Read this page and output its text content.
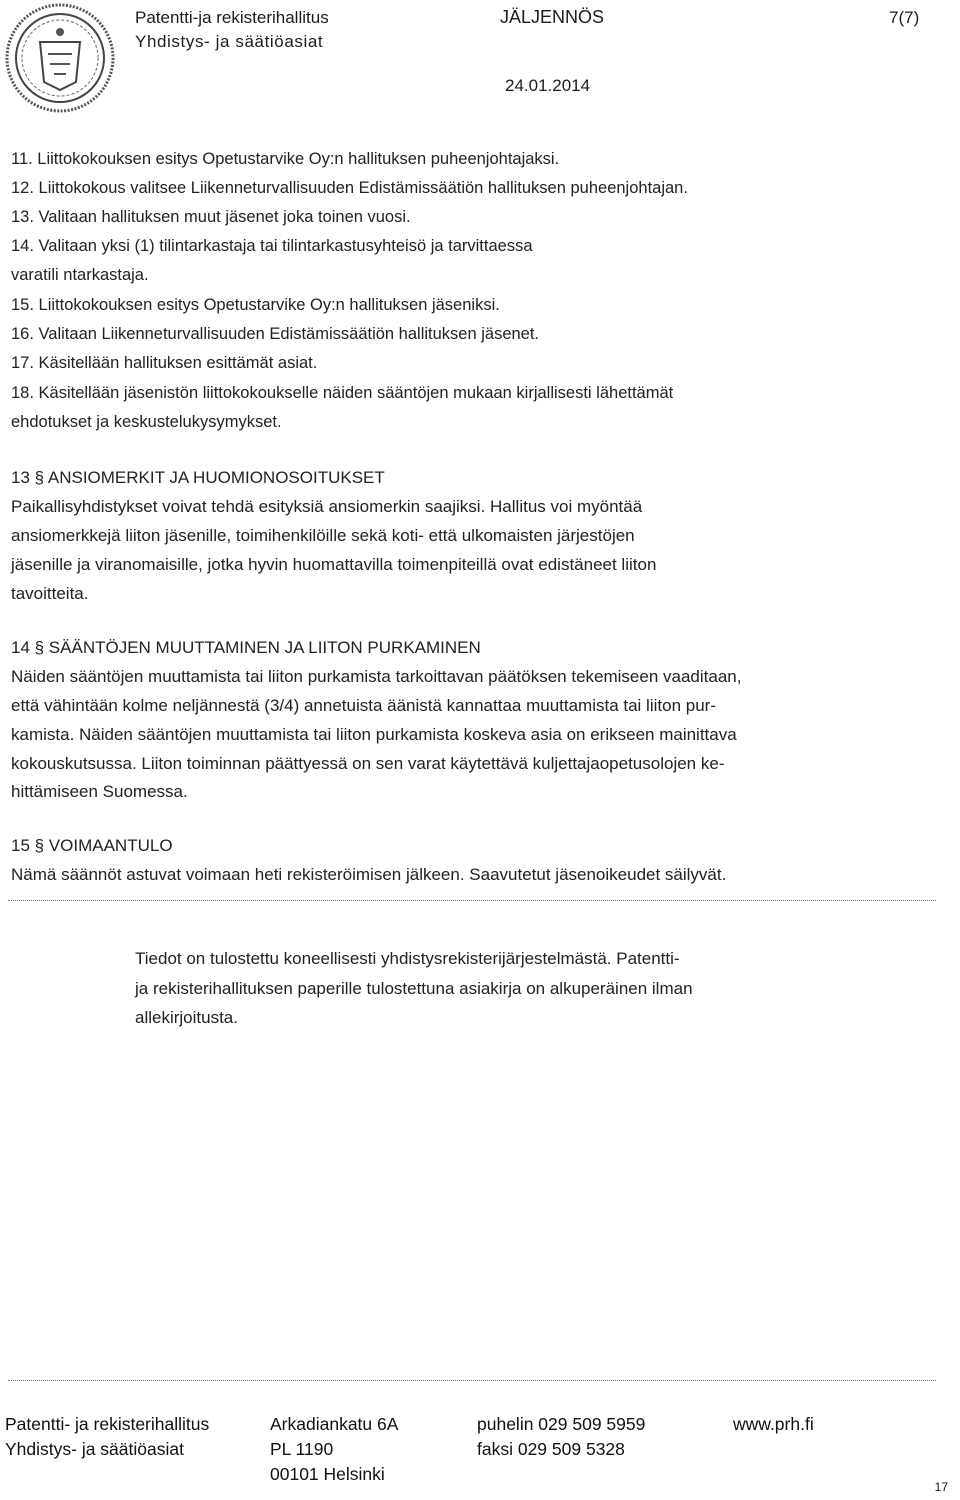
Patentti-ja rekisterihallitus
Yhdistys- ja säätiöasiat
JÄLJENNÖS
24.01.2014
7(7)
11. Liittokokouksen esitys Opetustarvike Oy:n hallituksen puheenjohtajaksi.
12. Liittokokous valitsee Liikenneturvallisuuden Edistämissäätiön hallituksen puheenjohtajan.
13. Valitaan hallituksen muut jäsenet joka toinen vuosi.
14. Valitaan yksi (1) tilintarkastaja tai tilintarkastusyhteisö ja tarvittaessa
varatili ntarkastaja.
15. Liittokokouksen esitys Opetustarvike Oy:n hallituksen jäseniksi.
16. Valitaan Liikenneturvallisuuden Edistämissäätiön hallituksen jäsenet.
17. Käsitellään hallituksen esittämät asiat.
18. Käsitellään jäsenistön liittokokoukselle näiden sääntöjen mukaan kirjallisesti lähettämät
ehdotukset ja keskustelukysymykset.
13 § ANSIOMERKIT JA HUOMIONOSOITUKSET
Paikallisyhdistykset voivat tehdä esityksiä ansiomerkin saajiksi. Hallitus voi myöntää
ansiomerkkejä liiton jäsenille, toimihenkilöille sekä koti- että ulkomaisten järjestöjen
jäsenille ja viranomaisille, jotka hyvin huomattavilla toimenpiteillä ovat edistäneet liiton
tavoitteita.
14 § SÄÄNTÖJEN MUUTTAMINEN JA LIITON PURKAMINEN
Näiden sääntöjen muuttamista tai liiton purkamista tarkoittavan päätöksen tekemiseen vaaditaan,
että vähintään kolme neljännestä (3/4) annetuista äänistä kannattaa muuttamista tai liiton pur-
kamista. Näiden sääntöjen muuttamista tai liiton purkamista koskeva asia on erikseen mainittava
kokouskutsussa. Liiton toiminnan päättyessä on sen varat käytettävä kuljettajaopetusolojen ke-
hittämiseen Suomessa.
15 § VOIMAANTULO
Nämä säännöt astuvat voimaan heti rekisteröimisen jälkeen. Saavutetut jäsenoikeudet säilyvät.
Tiedot on tulostettu koneellisesti yhdistysrekisterijärjestelmästä. Patentti-
ja rekisterihallituksen paperille tulostettuna asiakirja on alkuperäinen ilman
allekirjoitusta.
Patentti- ja rekisterihallitus
Yhdistys- ja säätiöasiat
Arkadiankatu 6A
PL 1190
00101 Helsinki
puhelin 029 509 5959
faksi 029 509 5328
www.prh.fi
17
